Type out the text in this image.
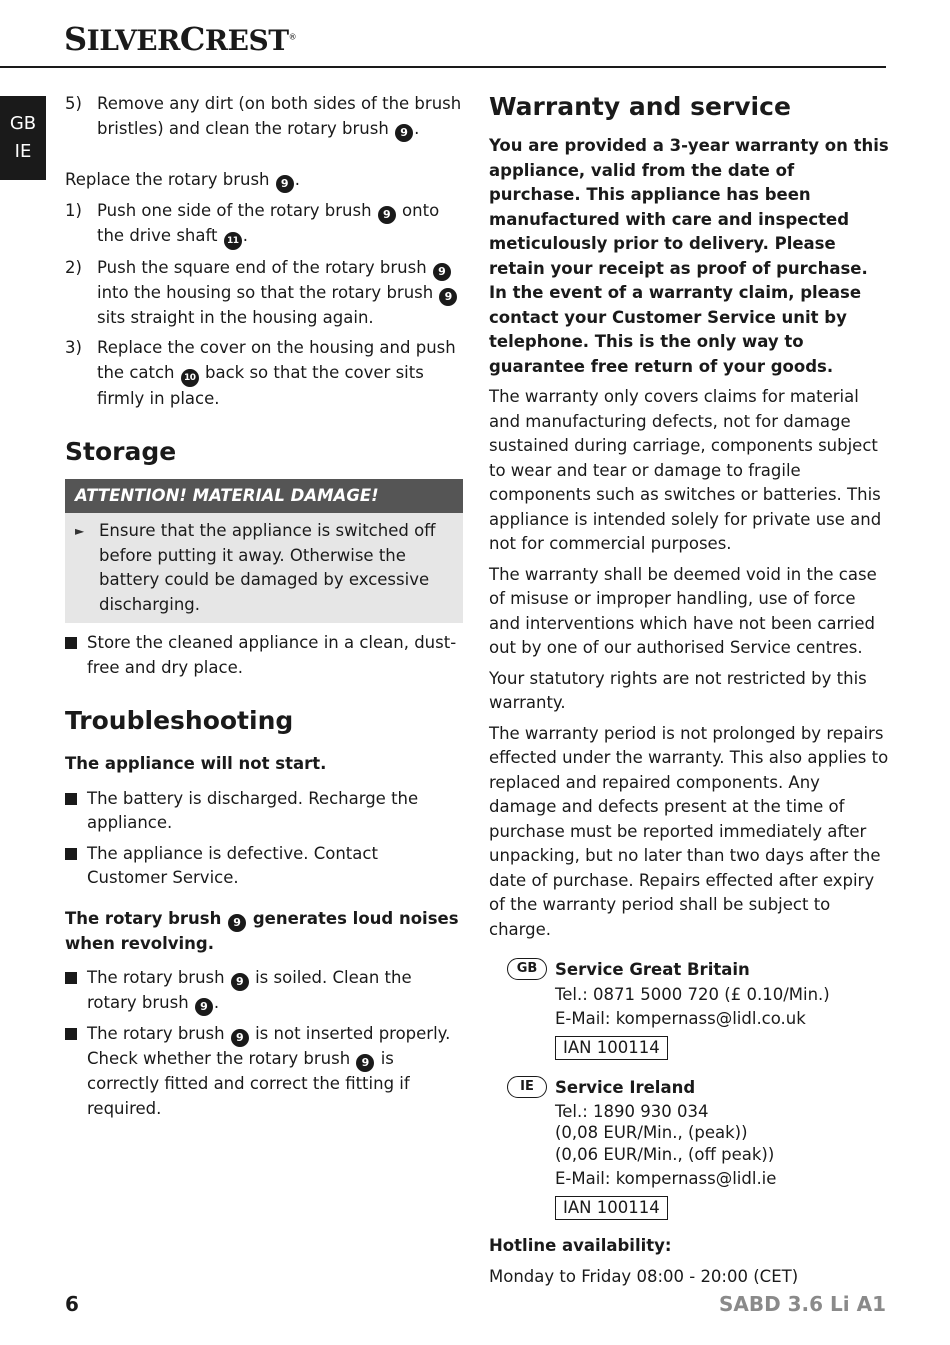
SILVERCREST®
GB
IE
5) Remove any dirt (on both sides of the brush bristles) and clean the rotary brush 9 .

Replace the rotary brush 9 .

1) Push one side of the rotary brush 9 onto the drive shaft 11 .
2) Push the square end of the rotary brush 9 into the housing so that the rotary brush 9 sits straight in the housing again.
3) Replace the cover on the housing and push the catch 10 back so that the cover sits firmly in place.
Storage
ATTENTION! MATERIAL DAMAGE!
► Ensure that the appliance is switched off before putting it away. Otherwise the battery could be damaged by excessive discharging.
Store the cleaned appliance in a clean, dust-free and dry place.
Troubleshooting
The appliance will not start.
The battery is discharged. Recharge the appliance.
The appliance is defective. Contact Customer Service.
The rotary brush 9 generates loud noises when revolving.
The rotary brush 9 is soiled. Clean the rotary brush 9 .
The rotary brush 9 is not inserted properly. Check whether the rotary brush 9 is correctly fitted and correct the fitting if required.
Warranty and service

You are provided a 3-year warranty on this appliance, valid from the date of purchase. This appliance has been manufactured with care and inspected meticulously prior to delivery. Please retain your receipt as proof of purchase. In the event of a warranty claim, please contact your Customer Service unit by telephone. This is the only way to guarantee free return of your goods.

The warranty only covers claims for material and manufacturing defects, not for damage sustained during carriage, components subject to wear and tear or damage to fragile components such as switches or batteries. This appliance is intended solely for private use and not for commercial purposes.

The warranty shall be deemed void in the case of misuse or improper handling, use of force and interventions which have not been carried out by one of our authorised Service centres.

Your statutory rights are not restricted by this warranty.

The warranty period is not prolonged by repairs effected under the warranty. This also applies to replaced and repaired components. Any damage and defects present at the time of purchase must be reported immediately after unpacking, but no later than two days after the date of purchase. Repairs effected after expiry of the warranty period shall be subject to charge.

GB	Service Great Britain
Tel.: 0871 5000 720 (£ 0.10/Min.)
E-Mail: kompernass@lidl.co.uk
IAN 100114
IE	Service Ireland
Tel.: 1890 930 034
(0,08 EUR/Min., (peak))
(0,06 EUR/Min., (off peak))
E-Mail: kompernass@lidl.ie
IAN 100114
Hotline availability:

Monday to Friday 08:00 - 20:00 (CET)

6	SABD 3.6 Li A1
